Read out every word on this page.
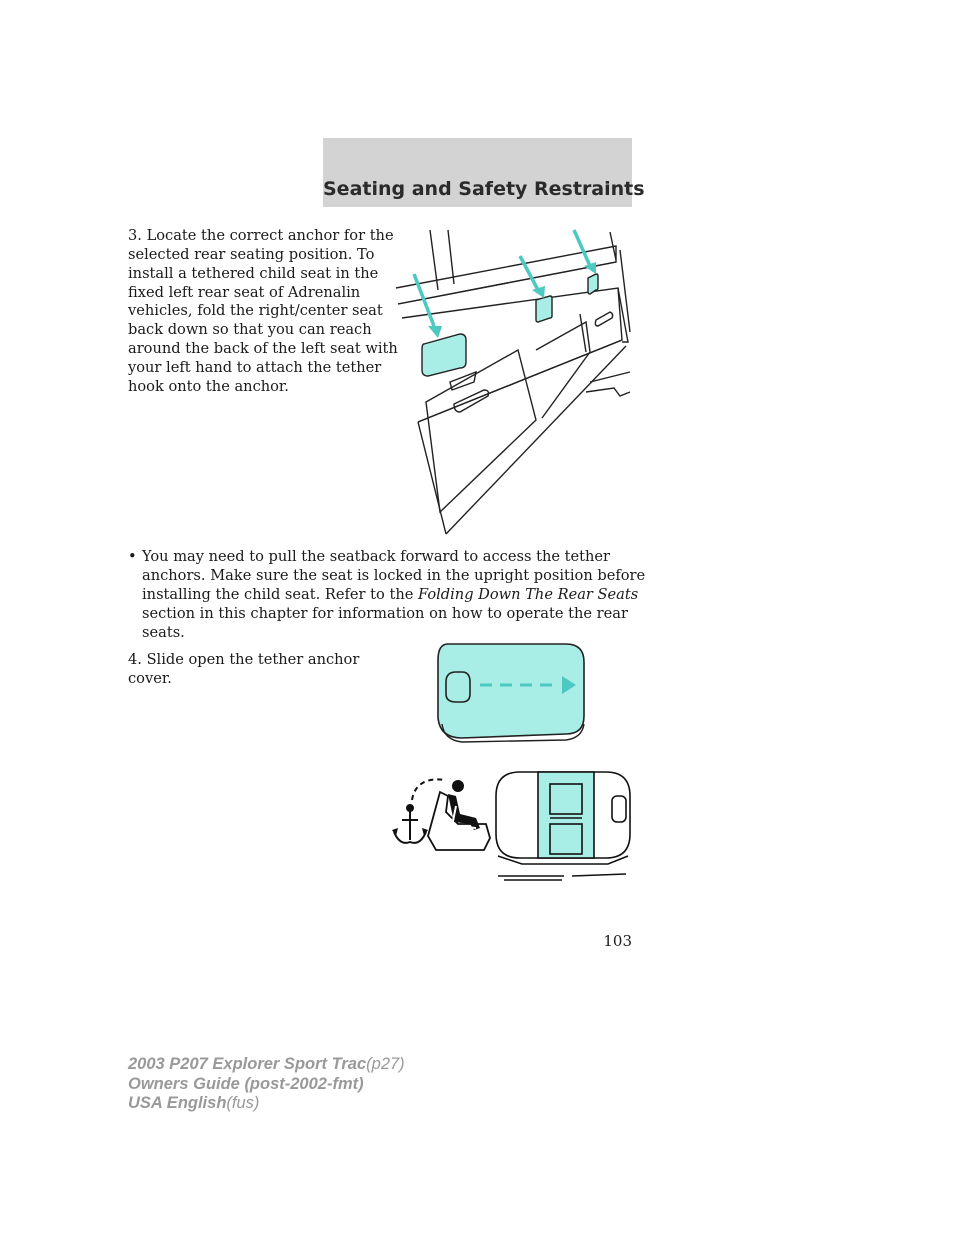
Seating and Safety Restraints

3. Locate the correct anchor for the

selected rear seating position. To

install a tethered child seat in the

fixed left rear seat of Adrenalin

vehicles, fold the right/center seat

back down so that you can reach

around the back of the left seat with

your left hand to attach the tether

hook onto the anchor.

• You may need to pull the seatback forward to access the tether

anchors. Make sure the seat is locked in the upright position before

installing the child seat. Refer to the Folding Down The Rear Seats

section in this chapter for information on how to operate the rear

seats.

4. Slide open the tether anchor

cover.

103
2003 P207 Explorer Sport Trac(p27)
Owners Guide (post-2002-fmt)
USA English(fus)
